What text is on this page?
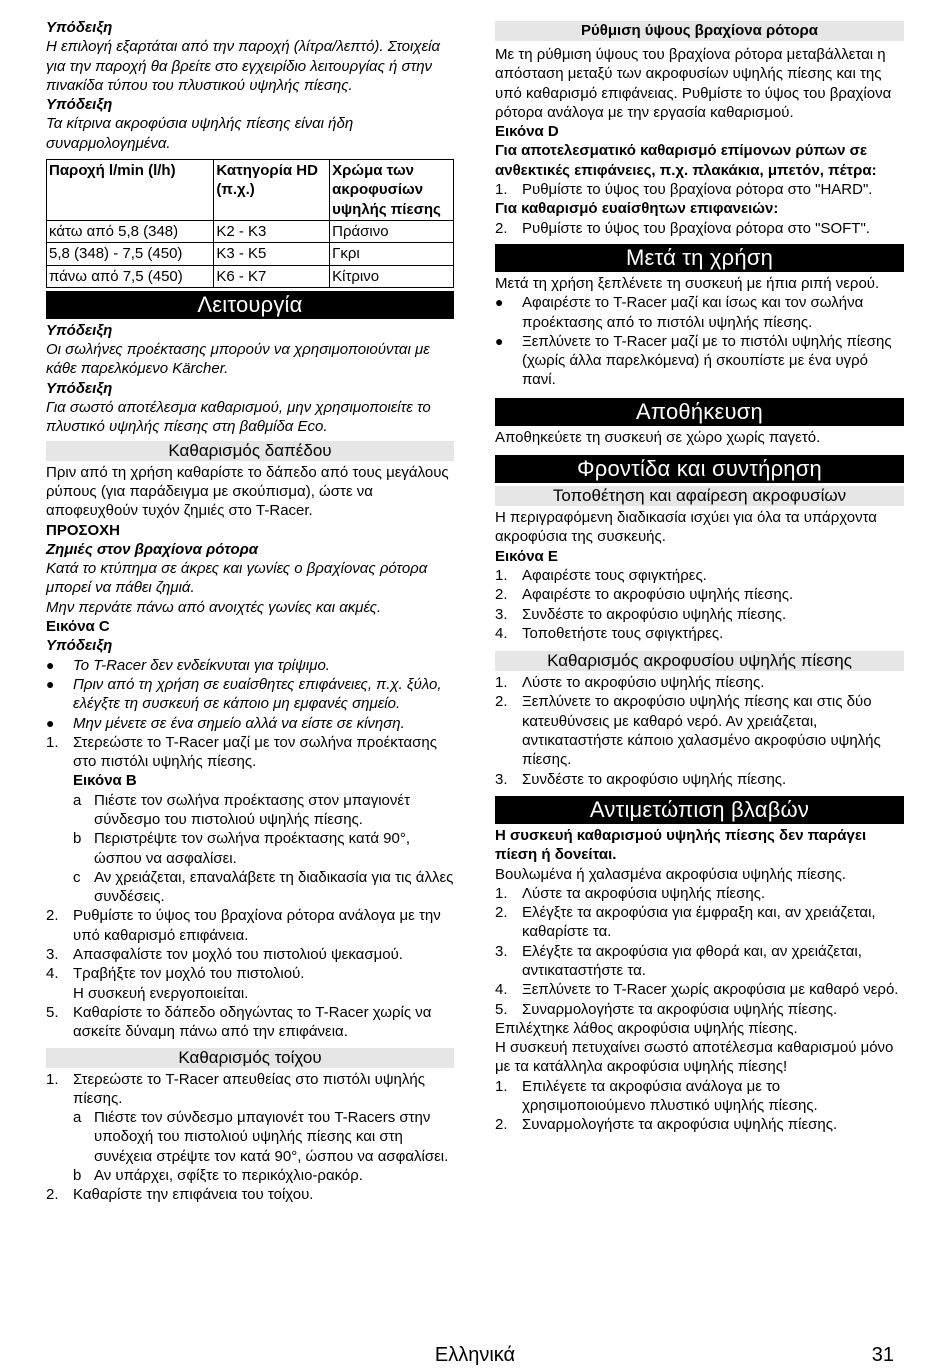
Υπόδειξη

Η επιλογή εξαρτάται από την παροχή (λίτρα/λεπτό). Στοιχεία για την παροχή θα βρείτε στο εγχειρίδιο λειτουργίας ή στην πινακίδα τύπου του πλυστικού υψηλής πίεσης.

Υπόδειξη

Τα κίτρινα ακροφύσια υψηλής πίεσης είναι ήδη συναρμολογημένα.

Παροχή l/min (l/h)	Κατηγορία HD (π.χ.)	Χρώμα των ακροφυσίων υψηλής πίεσης
κάτω από 5,8 (348)	K2 - K3	Πράσινο
5,8 (348) - 7,5 (450)	K3 - K5	Γκρι
πάνω από 7,5 (450)	K6 - K7	Κίτρινο
Λειτουργία

Υπόδειξη

Οι σωλήνες προέκτασης μπορούν να χρησιμοποιούνται με κάθε παρελκόμενο Kärcher.

Υπόδειξη

Για σωστό αποτέλεσμα καθαρισμού, μην χρησιμοποιείτε το πλυστικό υψηλής πίεσης στη βαθμίδα Eco.

Καθαρισμός δαπέδου

Πριν από τη χρήση καθαρίστε το δάπεδο από τους μεγάλους ρύπους (για παράδειγμα με σκούπισμα), ώστε να αποφευχθούν τυχόν ζημιές στο T-Racer.

ΠΡΟΣΟΧΗ

Ζημιές στον βραχίονα ρότορα

Κατά το κτύπημα σε άκρες και γωνίες ο βραχίονας ρότορα μπορεί να πάθει ζημιά.

Μην περνάτε πάνω από ανοιχτές γωνίες και ακμές.

Εικόνα C

Υπόδειξη

●	Το T-Racer δεν ενδείκνυται για τρίψιμο.
●	Πριν από τη χρήση σε ευαίσθητες επιφάνειες, π.χ. ξύλο, ελέγξτε τη συσκευή σε κάποιο μη εμφανές σημείο.
●	Μην μένετε σε ένα σημείο αλλά να είστε σε κίνηση.
1. Στερεώστε το T-Racer μαζί με τον σωλήνα προέκτασης στο πιστόλι υψηλής πίεσης.

Εικόνα B

a Πιέστε τον σωλήνα προέκτασης στον μπαγιονέτ σύνδεσμο του πιστολιού υψηλής πίεσης.
b Περιστρέψτε τον σωλήνα προέκτασης κατά 90°, ώσπου να ασφαλίσει.
c Αν χρειάζεται, επαναλάβετε τη διαδικασία για τις άλλες συνδέσεις.
2. Ρυθμίστε το ύψος του βραχίονα ρότορα ανάλογα με την υπό καθαρισμό επιφάνεια.
3. Απασφαλίστε τον μοχλό του πιστολιού ψεκασμού.
4. Τραβήξτε τον μοχλό του πιστολιού.

Η συσκευή ενεργοποιείται.

5. Καθαρίστε το δάπεδο οδηγώντας το T-Racer χωρίς να ασκείτε δύναμη πάνω από την επιφάνεια.
Καθαρισμός τοίχου
1. Στερεώστε το T-Racer απευθείας στο πιστόλι υψηλής πίεσης.
a Πιέστε τον σύνδεσμο μπαγιονέτ του T-Racers στην υποδοχή του πιστολιού υψηλής πίεσης και στη συνέχεια στρέψτε τον κατά 90°, ώσπου να ασφαλίσει.
b Αν υπάρχει, σφίξτε το περικόχλιο-ρακόρ.
2. Καθαρίστε την επιφάνεια του τοίχου.
Ρύθμιση ύψους βραχίονα ρότορα

Με τη ρύθμιση ύψους του βραχίονα ρότορα μεταβάλλεται η απόσταση μεταξύ των ακροφυσίων υψηλής πίεσης και της υπό καθαρισμό επιφάνειας. Ρυθμίστε το ύψος του βραχίονα ρότορα ανάλογα με την εργασία καθαρισμού.

Εικόνα D

Για αποτελεσματικό καθαρισμό επίμονων ρύπων σε ανθεκτικές επιφάνειες, π.χ. πλακάκια, μπετόν, πέτρα:

1. Ρυθμίστε το ύψος του βραχίονα ρότορα στο "HARD".

Για καθαρισμό ευαίσθητων επιφανειών:

2. Ρυθμίστε το ύψος του βραχίονα ρότορα στο "SOFT".
Μετά τη χρήση

Μετά τη χρήση ξεπλένετε τη συσκευή με ήπια ριπή νερού.

●	Αφαιρέστε το T-Racer μαζί και ίσως και τον σωλήνα προέκτασης από το πιστόλι υψηλής πίεσης.
●	Ξεπλύνετε το T-Racer μαζί με το πιστόλι υψηλής πίεσης (χωρίς άλλα παρελκόμενα) ή σκουπίστε με ένα υγρό πανί.
Αποθήκευση

Αποθηκεύετε τη συσκευή σε χώρο χωρίς παγετό.

Φροντίδα και συντήρηση
Τοποθέτηση και αφαίρεση ακροφυσίων

Η περιγραφόμενη διαδικασία ισχύει για όλα τα υπάρχοντα ακροφύσια της συσκευής.

Εικόνα E

1. Αφαιρέστε τους σφιγκτήρες.
2. Αφαιρέστε το ακροφύσιο υψηλής πίεσης.
3. Συνδέστε το ακροφύσιο υψηλής πίεσης.
4. Τοποθετήστε τους σφιγκτήρες.
Καθαρισμός ακροφυσίου υψηλής πίεσης
1. Λύστε το ακροφύσιο υψηλής πίεσης.
2. Ξεπλύνετε το ακροφύσιο υψηλής πίεσης και στις δύο κατευθύνσεις με καθαρό νερό. Αν χρειάζεται, αντικαταστήστε κάποιο χαλασμένο ακροφύσιο υψηλής πίεσης.
3. Συνδέστε το ακροφύσιο υψηλής πίεσης.
Αντιμετώπιση βλαβών

Η συσκευή καθαρισμού υψηλής πίεσης δεν παράγει πίεση ή δονείται.

Βουλωμένα ή χαλασμένα ακροφύσια υψηλής πίεσης.

1. Λύστε τα ακροφύσια υψηλής πίεσης.
2. Ελέγξτε τα ακροφύσια για έμφραξη και, αν χρειάζεται, καθαρίστε τα.
3. Ελέγξτε τα ακροφύσια για φθορά και, αν χρειάζεται, αντικαταστήστε τα.
4. Ξεπλύνετε το T-Racer χωρίς ακροφύσια με καθαρό νερό.
5. Συναρμολογήστε τα ακροφύσια υψηλής πίεσης.

Επιλέχτηκε λάθος ακροφύσια υψηλής πίεσης.

Η συσκευή πετυχαίνει σωστό αποτέλεσμα καθαρισμού μόνο με τα κατάλληλα ακροφύσια υψηλής πίεσης!

1. Επιλέγετε τα ακροφύσια ανάλογα με το χρησιμοποιούμενο πλυστικό υψηλής πίεσης.
2. Συναρμολογήστε τα ακροφύσια υψηλής πίεσης.
Ελληνικά	31
